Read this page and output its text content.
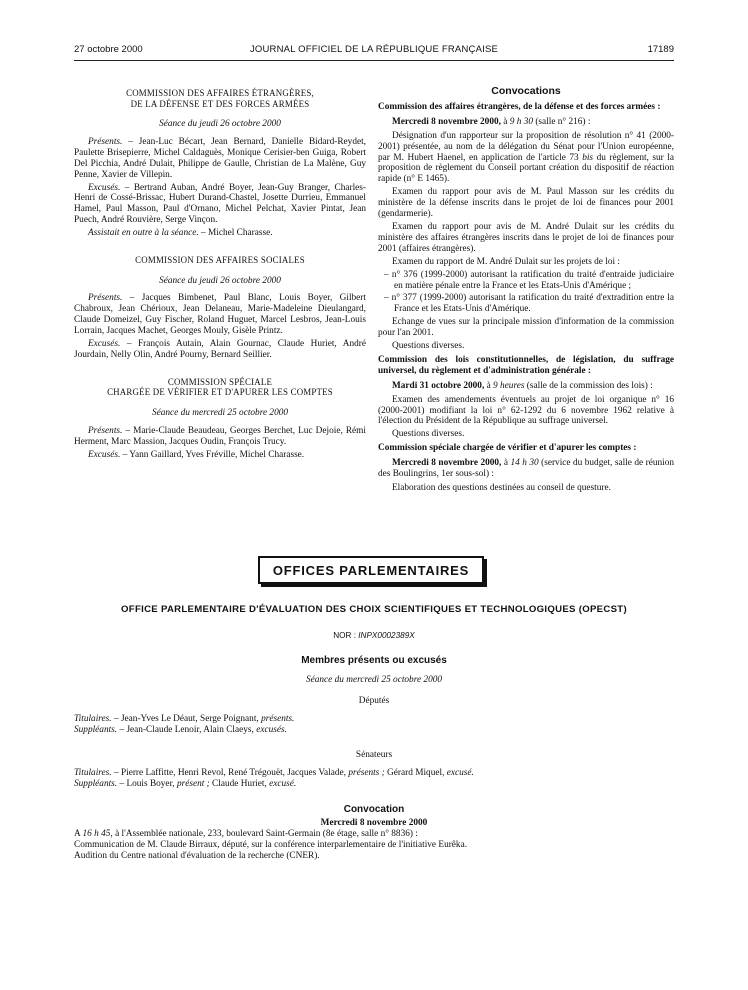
27 octobre 2000	JOURNAL OFFICIEL DE LA RÉPUBLIQUE FRANÇAISE	17189
COMMISSION DES AFFAIRES ÉTRANGÈRES,
DE LA DÉFENSE ET DES FORCES ARMÉES
Séance du jeudi 26 octobre 2000

Présents. – Jean-Luc Bécart, Jean Bernard, Danielle Bidard-Reydet, Paulette Brisepierre, Michel Caldaguès, Monique Cerisier-ben Guiga, Robert Del Picchia, André Dulait, Philippe de Gaulle, Christian de La Malène, Guy Penne, Xavier de Villepin.

Excusés. – Bertrand Auban, André Boyer, Jean-Guy Branger, Charles-Henri de Cossé-Brissac, Hubert Durand-Chastel, Josette Durrieu, Emmanuel Hamel, Paul Masson, Paul d'Ornano, Michel Pelchat, Xavier Pintat, Jean Puech, André Rouvière, Serge Vinçon.

Assistait en outre à la séance. – Michel Charasse.

COMMISSION DES AFFAIRES SOCIALES
Séance du jeudi 26 octobre 2000

Présents. – Jacques Bimbenet, Paul Blanc, Louis Boyer, Gilbert Chabroux, Jean Chérioux, Jean Delaneau, Marie-Madeleine Dieulangard, Claude Domeizel, Guy Fischer, Roland Huguet, Marcel Lesbros, Jean-Louis Lorrain, Jacques Machet, Georges Mouly, Gisèle Printz.

Excusés. – François Autain, Alain Gournac, Claude Huriet, André Jourdain, Nelly Olin, André Pourny, Bernard Seillier.

COMMISSION SPÉCIALE
CHARGÉE DE VÉRIFIER ET D'APURER LES COMPTES
Séance du mercredi 25 octobre 2000

Présents. – Marie-Claude Beaudeau, Georges Berchet, Luc Dejoie, Rémi Herment, Marc Massion, Jacques Oudin, François Trucy.

Excusés. – Yann Gaillard, Yves Fréville, Michel Charasse.

Convocations
Commission des affaires étrangères, de la défense et des forces armées :
Mercredi 8 novembre 2000, à 9 h 30 (salle n° 216) :

Désignation d'un rapporteur sur la proposition de résolution n° 41 (2000-2001) présentée, au nom de la délégation du Sénat pour l'Union européenne, par M. Hubert Haenel, en application de l'article 73 bis du règlement, sur la proposition de règlement du Conseil portant création du dispositif de réaction rapide (n° E 1465).

Examen du rapport pour avis de M. Paul Masson sur les crédits du ministère de la défense inscrits dans le projet de loi de finances pour 2001 (gendarmerie).

Examen du rapport pour avis de M. André Dulait sur les crédits du ministère des affaires étrangères inscrits dans le projet de loi de finances pour 2001 (affaires étrangères).

Examen du rapport de M. André Dulait sur les projets de loi :

– n° 376 (1999-2000) autorisant la ratification du traité d'entraide judiciaire en matière pénale entre la France et les Etats-Unis d'Amérique ;

– n° 377 (1999-2000) autorisant la ratification du traité d'extradition entre la France et les Etats-Unis d'Amérique.

Echange de vues sur la principale mission d'information de la commission pour l'an 2001.

Questions diverses.

Commission des lois constitutionnelles, de législation, du suffrage universel, du règlement et d'administration générale :
Mardi 31 octobre 2000, à 9 heures (salle de la commission des lois) :

Examen des amendements éventuels au projet de loi organique n° 16 (2000-2001) modifiant la loi n° 62-1292 du 6 novembre 1962 relative à l'élection du Président de la République au suffrage universel.

Questions diverses.

Commission spéciale chargée de vérifier et d'apurer les comptes :
Mercredi 8 novembre 2000, à 14 h 30 (service du budget, salle de réunion des Boulingrins, 1er sous-sol) :

Elaboration des questions destinées au conseil de questure.

OFFICES PARLEMENTAIRES
OFFICE PARLEMENTAIRE D'ÉVALUATION DES CHOIX SCIENTIFIQUES ET TECHNOLOGIQUES (OPECST)
NOR : INPX0002389X
Membres présents ou excusés
Séance du mercredi 25 octobre 2000
Députés

Titulaires. – Jean-Yves Le Déaut, Serge Poignant, présents.

Suppléants. – Jean-Claude Lenoir, Alain Claeys, excusés.

Sénateurs

Titulaires. – Pierre Laffitte, Henri Revol, René Trégouët, Jacques Valade, présents ; Gérard Miquel, excusé.

Suppléants. – Louis Boyer, présent ; Claude Huriet, excusé.

Convocation
Mercredi 8 novembre 2000

A 16 h 45, à l'Assemblée nationale, 233, boulevard Saint-Germain (8e étage, salle n° 8836) :

Communication de M. Claude Birraux, député, sur la conférence interparlementaire de l'initiative Eurêka.

Audition du Centre national d'évaluation de la recherche (CNER).
